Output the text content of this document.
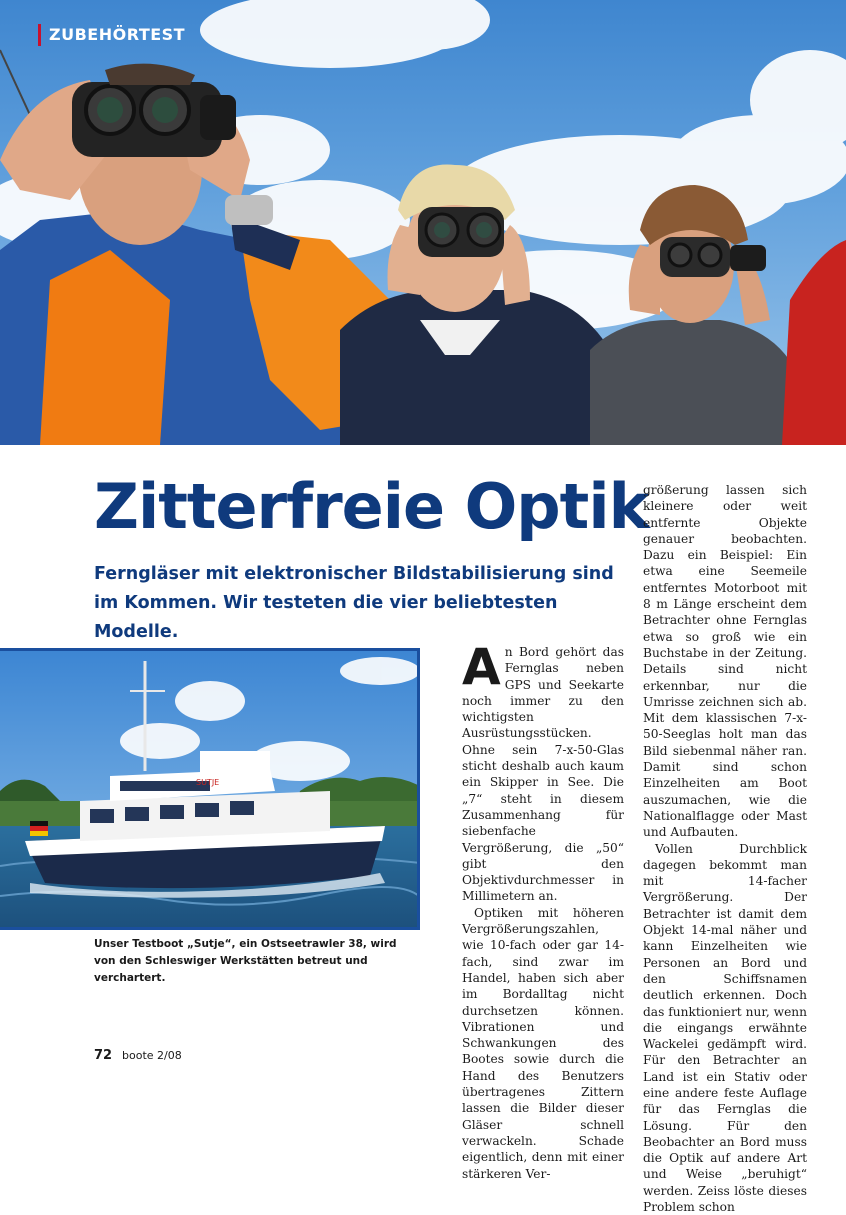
ZUBEHÖRTEST
Zitterfreie Optik

Ferngläser mit elektronischer Bildstabilisierung sind im Kommen. Wir testeten die vier beliebtesten Modelle.

SUTJE

Unser Testboot „Sutje“, ein Ostseetrawler 38, wird von den Schleswiger Werkstätten betreut und verchartert.

An Bord gehört das Fernglas neben GPS und Seekarte noch immer zu den wichtigsten Ausrüstungsstücken. Ohne sein 7-x-50-Glas sticht deshalb auch kaum ein Skipper in See. Die „7“ steht in diesem Zusammenhang für siebenfache Vergrößerung, die „50“ gibt den Objektivdurchmesser in Millimetern an.

Optiken mit höheren Vergrößerungszahlen, wie 10-fach oder gar 14-fach, sind zwar im Handel, haben sich aber im Bordalltag nicht durchsetzen können. Vibrationen und Schwankungen des Bootes sowie durch die Hand des Benutzers übertragenes Zittern lassen die Bilder dieser Gläser schnell verwackeln. Schade eigentlich, denn mit einer stärkeren Ver-

größerung lassen sich kleinere oder weit entfernte Objekte genauer beobachten. Dazu ein Beispiel: Ein etwa eine Seemeile entferntes Motorboot mit 8 m Länge erscheint dem Betrachter ohne Fernglas etwa so groß wie ein Buchstabe in der Zeitung. Details sind nicht erkennbar, nur die Umrisse zeichnen sich ab. Mit dem klassischen 7-x-50-Seeglas holt man das Bild siebenmal näher ran. Damit sind schon Einzelheiten am Boot auszumachen, wie die Nationalflagge oder Mast und Aufbauten.

Vollen Durchblick dagegen bekommt man mit 14-facher Vergrößerung. Der Betrachter ist damit dem Objekt 14-mal näher und kann Einzelheiten wie Personen an Bord und den Schiffsnamen deutlich erkennen. Doch das funktioniert nur, wenn die eingangs erwähnte Wackelei gedämpft wird. Für den Betrachter an Land ist ein Stativ oder eine andere feste Auflage für das Fernglas die Lösung. Für den Beobachter an Bord muss die Optik auf andere Art und Weise „beruhigt“ werden. Zeiss löste dieses Problem schon

72 boote 2/08
